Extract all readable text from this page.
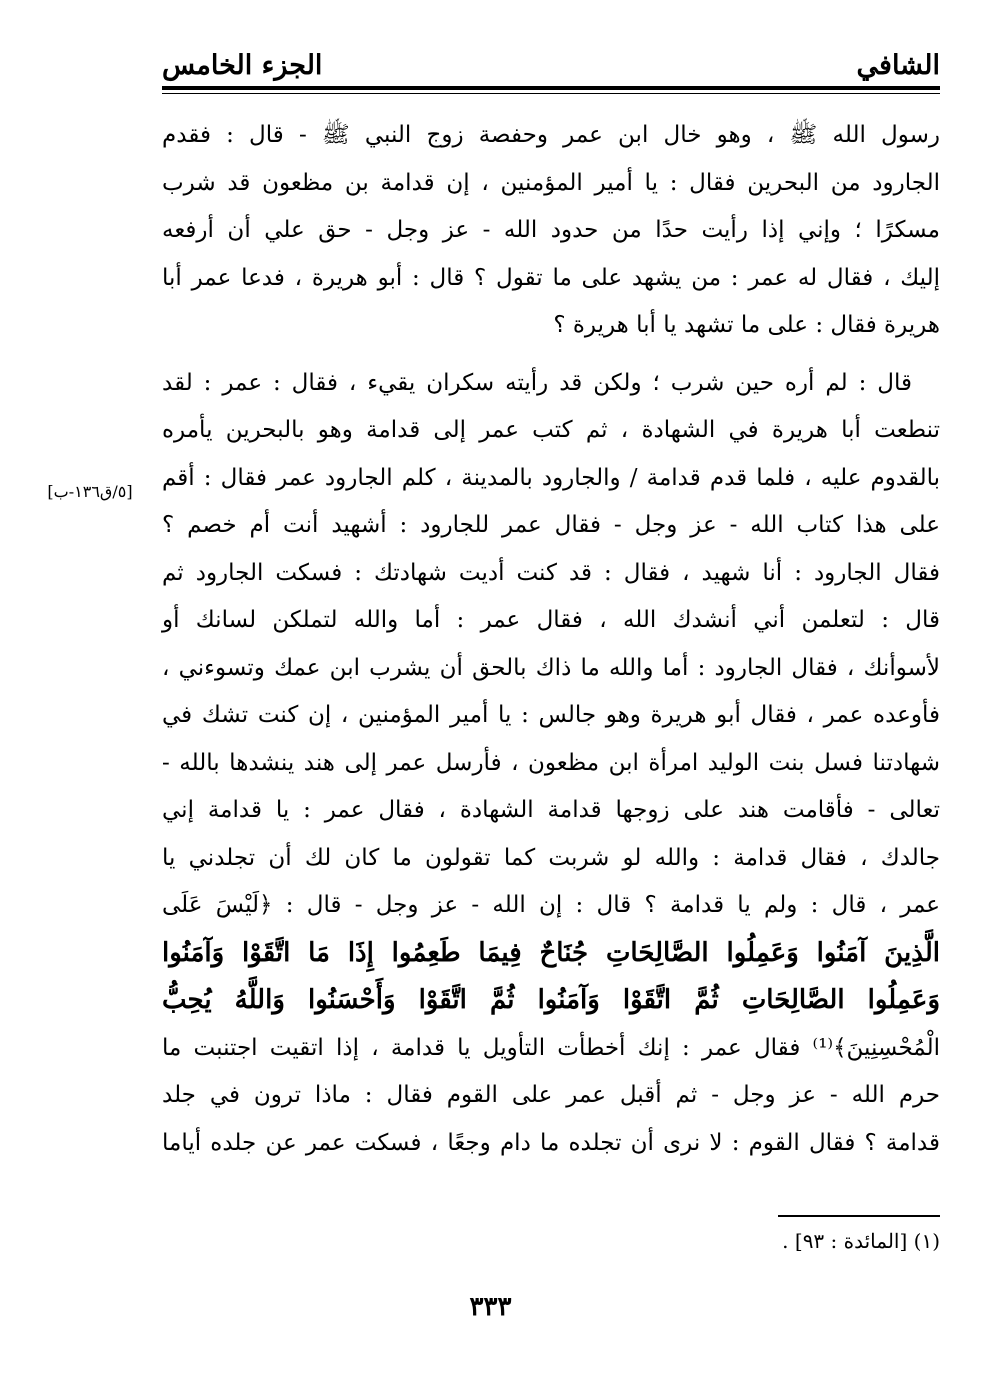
الشافي
الجزء الخامس
رسول الله ﷺ ، وهو خال ابن عمر وحفصة زوج النبي ﷺ - قال : فقدم
الجارود من البحرين فقال : يا أمير المؤمنين ، إن قدامة بن مظعون قد شرب
مسكرًا ؛ وإني إذا رأيت حدًا من حدود الله - عز وجل - حق علي أن أرفعه
إليك ، فقال له عمر : من يشهد على ما تقول ؟ قال : أبو هريرة ، فدعا عمر أبا
هريرة فقال : على ما تشهد يا أبا هريرة ؟
قال : لم أره حين شرب ؛ ولكن قد رأيته سكران يقيء ، فقال : عمر : لقد
تنطعت أبا هريرة في الشهادة ، ثم كتب عمر إلى قدامة وهو بالبحرين يأمره
بالقدوم عليه ، فلما قدم قدامة / والجارود بالمدينة ، كلم الجارود عمر فقال : أقم
على هذا كتاب الله - عز وجل - فقال عمر للجارود : أشهيد أنت أم خصم ؟
فقال الجارود : أنا شهيد ، فقال : قد كنت أديت شهادتك : فسكت الجارود ثم
قال : لتعلمن أني أنشدك الله ، فقال عمر : أما والله لتملكن لسانك أو
لأسوأنك ، فقال الجارود : أما والله ما ذاك بالحق أن يشرب ابن عمك وتسوءني ،
فأوعده عمر ، فقال أبو هريرة وهو جالس : يا أمير المؤمنين ، إن كنت تشك في
شهادتنا فسل بنت الوليد امرأة ابن مظعون ، فأرسل عمر إلى هند ينشدها بالله -
تعالى - فأقامت هند على زوجها قدامة الشهادة ، فقال عمر : يا قدامة إني
جالدك ، فقال قدامة : والله لو شربت كما تقولون ما كان لك أن تجلدني يا
عمر ، قال : ولم يا قدامة ؟ قال : إن الله - عز وجل - قال : ﴿لَيْسَ عَلَى
الَّذِينَ آمَنُوا وَعَمِلُوا الصَّالِحَاتِ جُنَاحٌ فِيمَا طَعِمُوا إِذَا مَا اتَّقَوْا وَآمَنُوا
وَعَمِلُوا الصَّالِحَاتِ ثُمَّ اتَّقَوْا وَآمَنُوا ثُمَّ اتَّقَوْا وَأَحْسَنُوا وَاللَّهُ يُحِبُّ
الْمُحْسِنِينَ﴾⁽¹⁾ فقال عمر : إنك أخطأت التأويل يا قدامة ، إذا اتقيت اجتنبت ما
حرم الله - عز وجل - ثم أقبل عمر على القوم فقال : ماذا ترون في جلد
قدامة ؟ فقال القوم : لا نرى أن تجلده ما دام وجعًا ، فسكت عمر عن جلده أياما
[٥/ق١٣٦-ب]
(١) [المائدة : ٩٣] .
٣٣٣
